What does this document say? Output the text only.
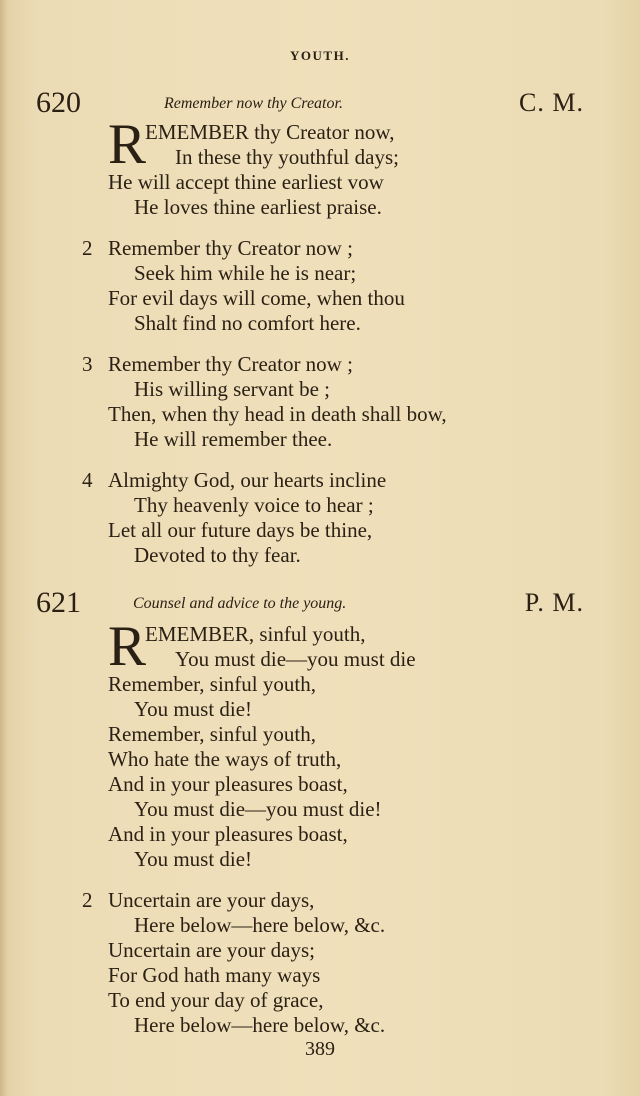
YOUTH.
620	Remember now thy Creator.	C. M.
R
EMEMBER thy Creator now,
In these thy youthful days;
He will accept thine earliest vow
He loves thine earliest praise.
2 Remember thy Creator now ;
Seek him while he is near;
For evil days will come, when thou
Shalt find no comfort here.
3 Remember thy Creator now ;
His willing servant be ;
Then, when thy head in death shall bow,
He will remember thee.
4 Almighty God, our hearts incline
Thy heavenly voice to hear ;
Let all our future days be thine,
Devoted to thy fear.
621	Counsel and advice to the young.	P. M.
R
EMEMBER, sinful youth,
You must die—you must die
Remember, sinful youth,
You must die!
Remember, sinful youth,
Who hate the ways of truth,
And in your pleasures boast,
You must die—you must die!
And in your pleasures boast,
You must die!
2 Uncertain are your days,
Here below—here below, &c.
Uncertain are your days;
For God hath many ways
To end your day of grace,
Here below—here below, &c.
389
